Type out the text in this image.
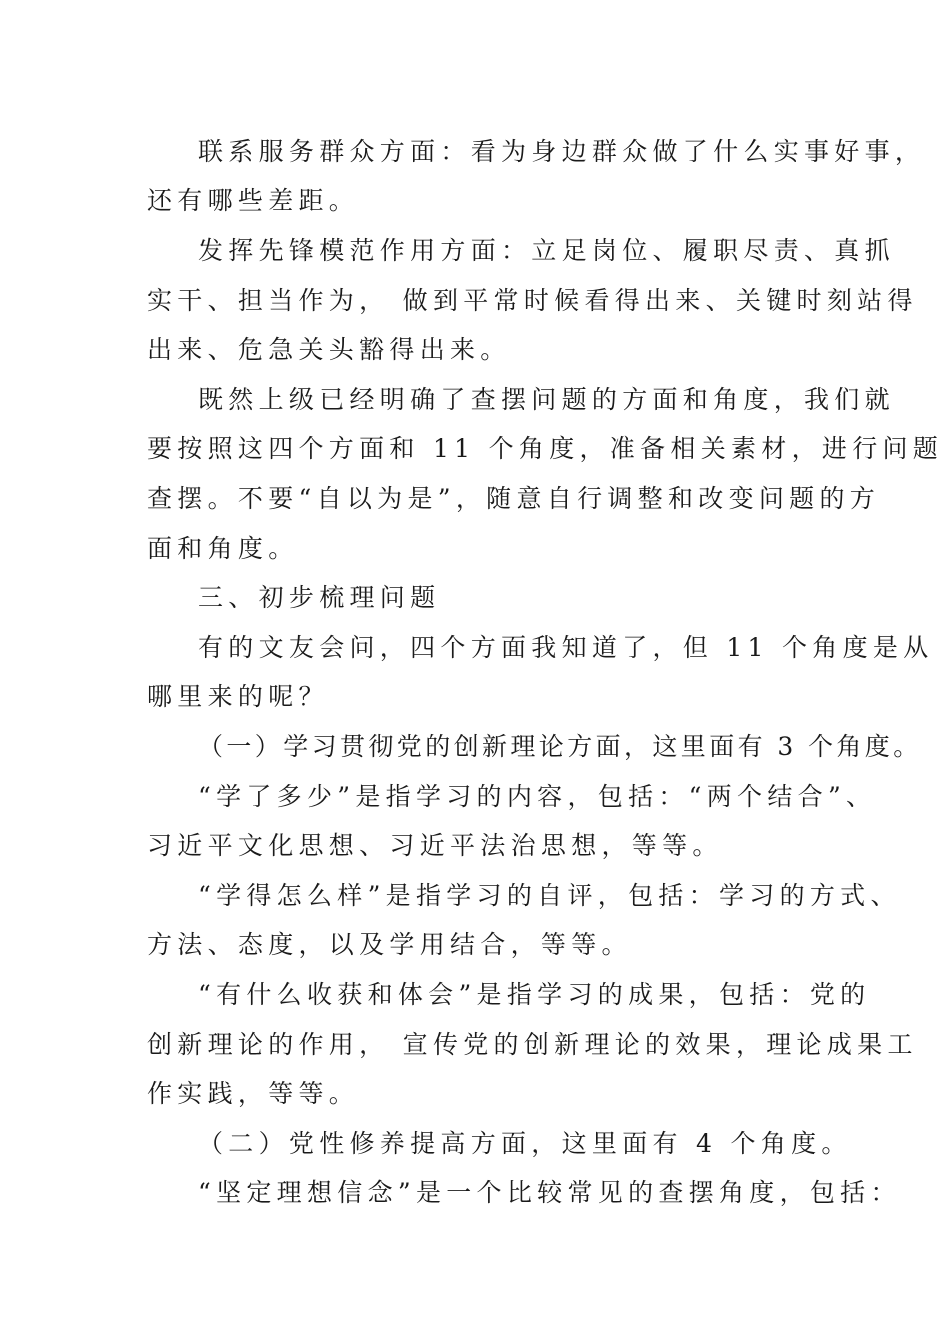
联系服务群众方面：看为身边群众做了什么实事好事，
还有哪些差距。
发挥先锋模范作用方面：立足岗位、履职尽责、真抓
实干、担当作为， 做到平常时候看得出来、关键时刻站得
出来、危急关头豁得出来。
既然上级已经明确了查摆问题的方面和角度，我们就
要按照这四个方面和 11 个角度，准备相关素材，进行问题
查摆。不要“自以为是”，随意自行调整和改变问题的方
面和角度。
三、初步梳理问题
有的文友会问，四个方面我知道了，但 11 个角度是从
哪里来的呢？
（一）学习贯彻党的创新理论方面，这里面有 3 个角度。
“学了多少”是指学习的内容，包括：“两个结合”、
习近平文化思想、习近平法治思想，等等。
“学得怎么样”是指学习的自评，包括：学习的方式、
方法、态度，以及学用结合，等等。
“有什么收获和体会”是指学习的成果，包括：党的
创新理论的作用， 宣传党的创新理论的效果，理论成果工
作实践，等等。
（二）党性修养提高方面，这里面有 4 个角度。
“坚定理想信念”是一个比较常见的查摆角度，包括：
